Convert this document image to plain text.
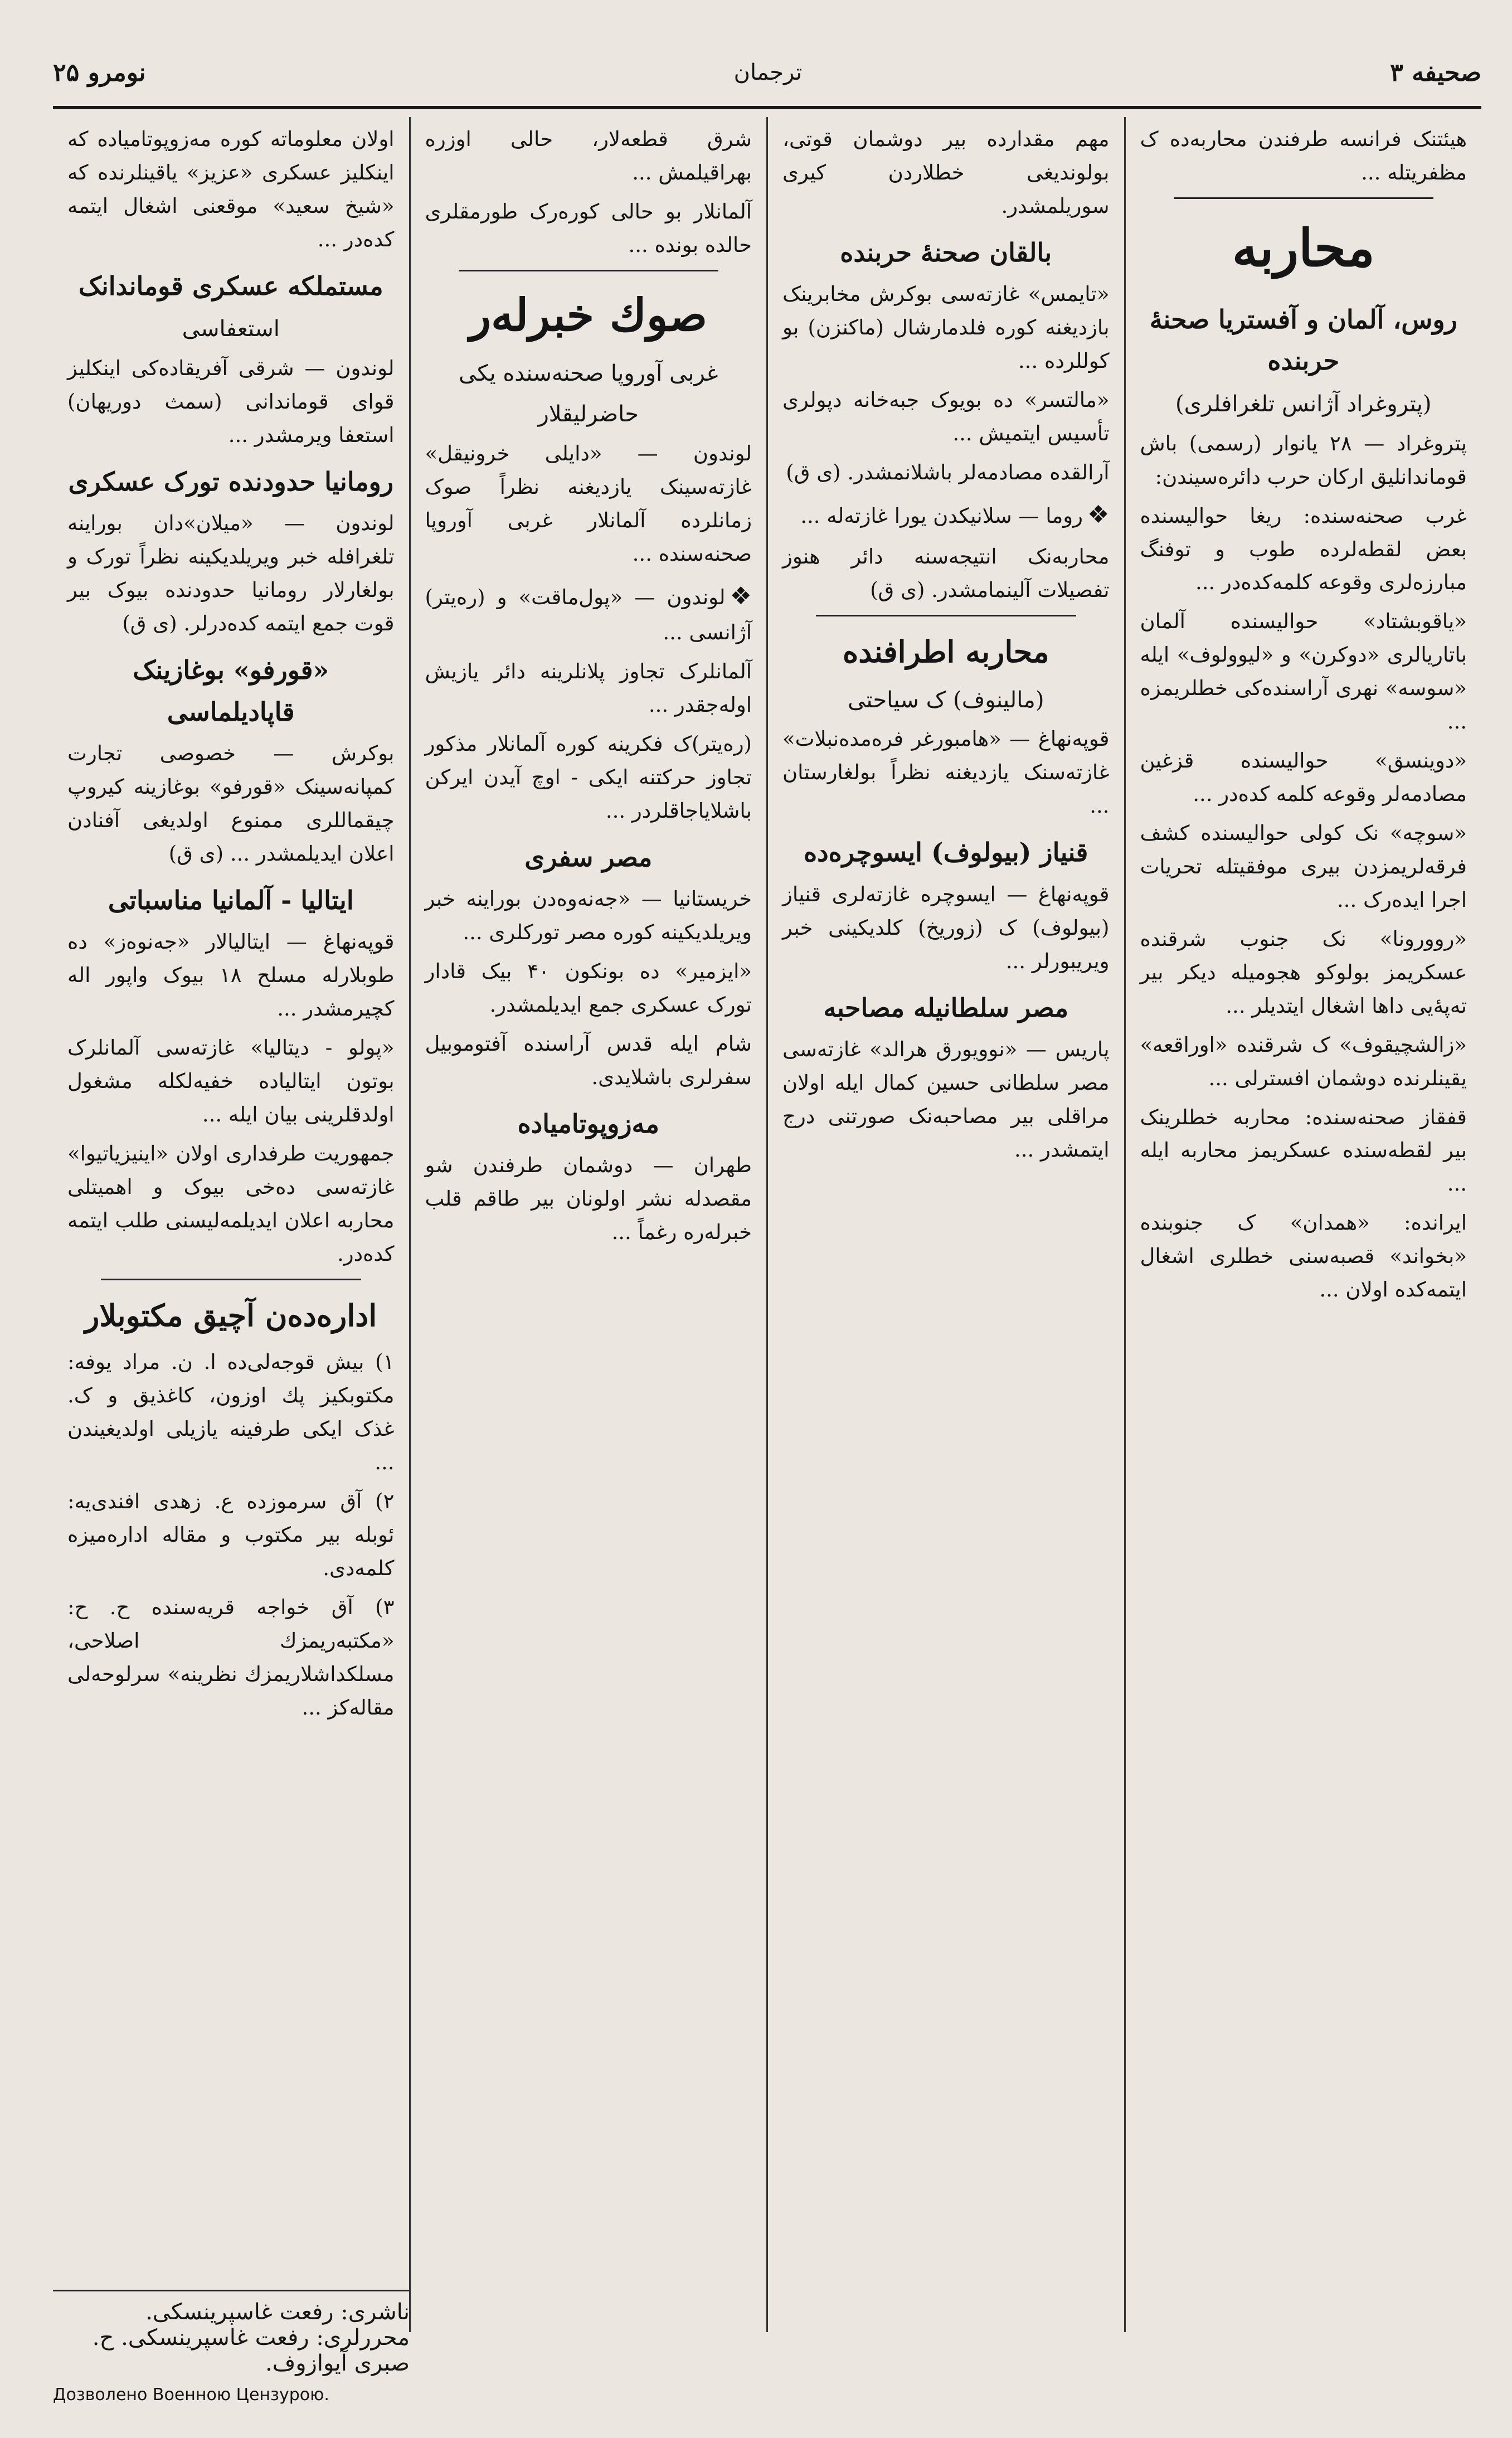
صحیفه ۳
ترجمان
نومرو ۲۵

هیئتنک فرانسه طرفندن محاربه‌ده ک مظفریتله ...

محاربه
روس، آلمان و آفستریا صحنهٔ حربنده
(پتروغراد آژانس تلغرافلری)

پتروغراد — ۲۸ یانوار (رسمی) باش قوماندانلیق ارکان حرب دائره‌سیندن:

غرب صحنه‌سنده: ریغا حوالیسنده بعض لقطه‌لرده طوب و توفنگ مبارزه‌لری وقوعه کلمه‌کده‌در ...

«یاقوبشتاد» حوالیسنده آلمان باتاریالری «دوکرن» و «لیوولوف» ایله «سوسه» نهری آراسنده‌کی خطلریمزه ...

«دوینسق» حوالیسنده قزغین مصادمه‌لر وقوعه کلمه کده‌در ...

«سوچه» نک کولی حوالیسنده کشف فرقه‌لریمزدن بیری موفقیتله تحریات اجرا ایده‌رک ...

«روورونا» نک جنوب شرقنده عسکریمز بولوکو هجومیله دیکر بیر ته‌پهٔ‌یی داها اشغال ایتدیلر ...

«زالشچیقوف» ک شرقنده «اوراقعه» یقینلرنده دوشمان افسترلی ...

قفقاز صحنه‌سنده: محاربه خطلرینک بیر لقطه‌سنده عسکریمز محاربه ایله ...

ایرانده: «همدان» ک جنوبنده «بخواند» قصبه‌سنی خطلری اشغال ایتمه‌کده اولان ...

مهم مقدارده بیر دوشمان قوتی، بولوندیغی خطلاردن کیری سوریلمشدر.

بالقان صحنهٔ حربنده

«تایمس» غازته‌سی بوکرش مخابرینک بازدیغنه کوره فلدمارشال (ماکنزن) بو کوللرده ...

«مالتسر» ده بویوک جبه‌خانه دپولری تأسیس ایتمیش ...

آرالقده مصادمه‌لر باشلانمشدر. (ی ق)

❖روما — سلانیکدن یورا غازته‌له ...

محاربه‌نک انتیجه‌سنه دائر هنوز تفصیلات آلینمامشدر. (ی ق)

محاربه اطرافنده
(مالینوف) ک سیاحتی

قوپه‌نهاغ — «هامبورغر فره‌مده‌نبلات» غازته‌سنک یازدیغنه نظراً بولغارستان ...

قنیاز (بیولوف) ایسوچره‌ده

قوپه‌نهاغ — ایسوچره غازته‌لری قنیاز (بیولوف) ک (زوریخ) کلدیکینی خبر ویریبورلر ...

مصر سلطانیله مصاحبه

پاریس — «نوویورق هرالد» غازته‌سی مصر سلطانی حسین کمال ایله اولان مراقلی بیر مصاحبه‌نک صورتنی درج ایتمشدر ...

شرق قطعه‌لار، حالی اوزره بهراقیلمش ...

آلمانلار بو حالی کوره‌رک طورمقلری حالده بونده‌ ...

صوك خبرله‌ر
غربی آوروپا صحنه‌سنده یکی
حاضرلیقلار

لوندون — «دایلی خرونیقل» غازته‌سینک یازدیغنه نظراً صوک زمانلرده آلمانلار غربی آوروپا صحنه‌سنده ...

❖لوندون — «پول‌ماقت» و (ره‌یتر) آژانسی ...

آلمانلرک تجاوز پلانلرینه دائر یازیش اوله‌جقدر ...

(ره‌یتر)ک فکرینه کوره آلمانلار مذکور تجاوز حرکتنه ایکی - اوچ آیدن ایرکن باشلایاجاقلردر ...

مصر سفری

خریستانیا — «جه‌نه‌وه‌دن بوراینه خبر ویریلدیکینه کوره مصر تورکلری ...

«ایزمیر» ده بونکون ۴۰ بیک قادار تورک عسکری جمع ایدیلمشدر.

شام ایله قدس آراسنده آفتوموبیل سفرلری باشلایدی.

مه‌زوپوتامیاده

طهران — دوشمان طرفندن شو مقصدله نشر اولونان بیر طاقم قلب خبرله‌ره رغماً ...

اولان معلوماته کوره مه‌زوپوتامیاده‌ که اینکلیز عسکری «عزیز» یاقینلرنده‌ که «شیخ سعید» موقعنی اشغال ایتمه کده‌در ...

مستملکه عسکری قوماندانک
استعفاسی

لوندون — شرقی آفریقاده‌کی اینکلیز قوای قوماندانی (سمث دوریهان) استعفا ویرمشدر ...

رومانیا حدودنده تورک عسکری

لوندون — «میلان»دان بوراینه تلغرافله خبر ویریلدیکینه نظراً تورک و بولغارلار رومانیا حدودنده بیوک بیر قوت جمع ایتمه کده‌درلر. (ی ق)

«قورفو» بوغازینک قاپادیلماسی

بوکرش — خصوصی تجارت کمپانه‌سینک «قورفو» بوغازینه کیروپ چیقماللری ممنوع اولدیغی آفنادن اعلان ایدیلمشدر ... (ی ق)

ایتالیا - آلمانیا مناسباتی

قوپه‌نهاغ — ایتالیالار «جه‌نوه‌ز» ده طوبلارله مسلح ۱۸ بیوک واپور اله کچیرمشدر ...

«پولو - دیتالیا» غازته‌سی آلمانلرک بوتون ایتالیاده خفیه‌لکله مشغول اولدقلرینی بیان ایله ...

جمهوریت طرفداری اولان «اینیزیاتیوا» غازته‌سی ده‌خی بیوک و اهمیتلی محاربه اعلان ایدیلمه‌لیسنی طلب ایتمه کده‌در.

اداره‌ده‌ن آچیق مکتوبلار

۱) بیش قوجه‌لی‌ده‌ ا. ن. مراد یوفه: مکتوبکیز پك اوزون، کاغذیق و ک. غذک ایکی طرفینه یازیلی اولدیغیندن ...

۲) آق سرموزده‌ ع. زهدی افندی‌یه: ئوبله بیر مکتوب و مقاله اداره‌میزه کلمه‌دی.

۳) آق خواجه‌ قریه‌سنده ح. ح: «مکتبه‌ریمزك اصلاحی، مسلکداشلاریمزك نظرینه» سرلوحه‌لی مقاله‌کز ...

ناشری: رفعت غاسپرینسکی.
محررلری: رفعت غاسپرینسکی. ح. صبری آیوازوف.
Дозволено Военною Цензурою.
